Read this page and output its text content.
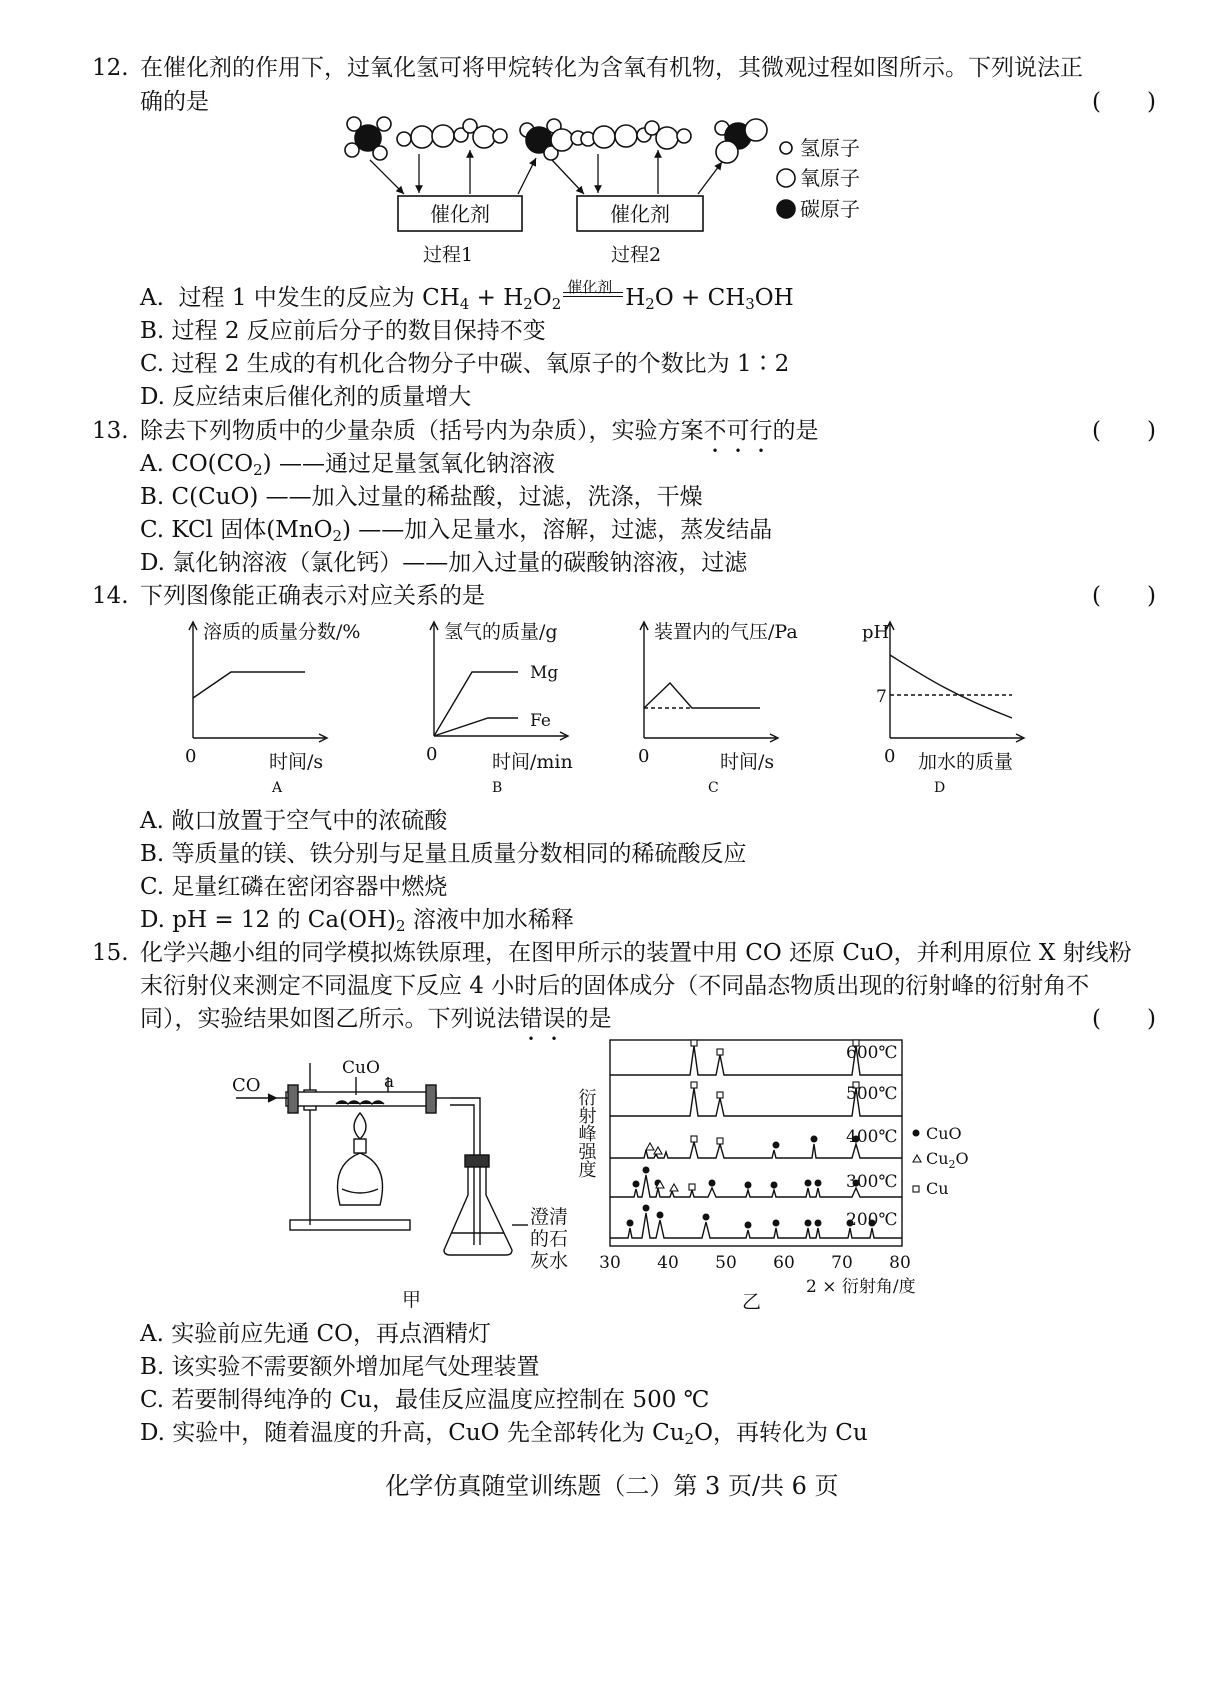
12. 在催化剂的作用下，过氧化氢可将甲烷转化为含氧有机物，其微观过程如图所示。下列说法正
确的是	(　　)
氢原子
氧原子
碳原子
催化剂	催化剂
过程1	过程2
A. 过程 1 中发生的反应为 $CH_4 + H_2O_2$
催化剂 $H_2O + CH_3OH$
B. 过程 2 反应前后分子的数目保持不变
C. 过程 2 生成的有机化合物分子中碳、氧原子的个数比为 1∶2
D. 反应结束后催化剂的质量增大
13. 除去下列物质中的少量杂质（括号内为杂质），实验方案不可行的是	(　　)
A. $CO(CO_2)$ ——通过足量氢氧化钠溶液
B. C(CuO) ——加入过量的稀盐酸，过滤，洗涤，干燥
C. KCl 固体(MnO$_2$) ——加入足量水，溶解，过滤，蒸发结晶
D. 氯化钠溶液（氯化钙）——加入过量的碳酸钠溶液，过滤
14. 下列图像能正确表示对应关系的是	(　　)
溶质的质量分数/%
0	时间/s
A
氢气的质量/g
Mg
Fe
0	时间/min
B
装置内的气压/Pa
0	时间/s
C
pH
7
0 加水的质量
D
A. 敞口放置于空气中的浓硫酸
B. 等质量的镁、铁分别与足量且质量分数相同的稀硫酸反应
C. 足量红磷在密闭容器中燃烧
D. pH = 12 的 $Ca(OH)_2$ 溶液中加水稀释
15. 化学兴趣小组的同学模拟炼铁原理，在图甲所示的装置中用 CO 还原 CuO，并利用原位 X 射线粉
末衍射仪来测定不同温度下反应 4 小时后的固体成分（不同晶态物质出现的衍射峰的衍射角不
同），实验结果如图乙所示。下列说法错误的是	(　　)
CO
CuO
a
澄清
的石
灰水
甲
600℃
500℃
400℃
300℃
200℃
30 40 50 60 70 80
2 × 衍射角/度
衍射峰强度	CuO
$Cu_2O$
Cu
乙
A. 实验前应先通 CO，再点酒精灯
B. 该实验不需要额外增加尾气处理装置
C. 若要制得纯净的 Cu，最佳反应温度应控制在 500 ℃
D. 实验中，随着温度的升高，CuO 先全部转化为 $Cu_2O$，再转化为 Cu
化学仿真随堂训练题（二）第 3 页/共 6 页
